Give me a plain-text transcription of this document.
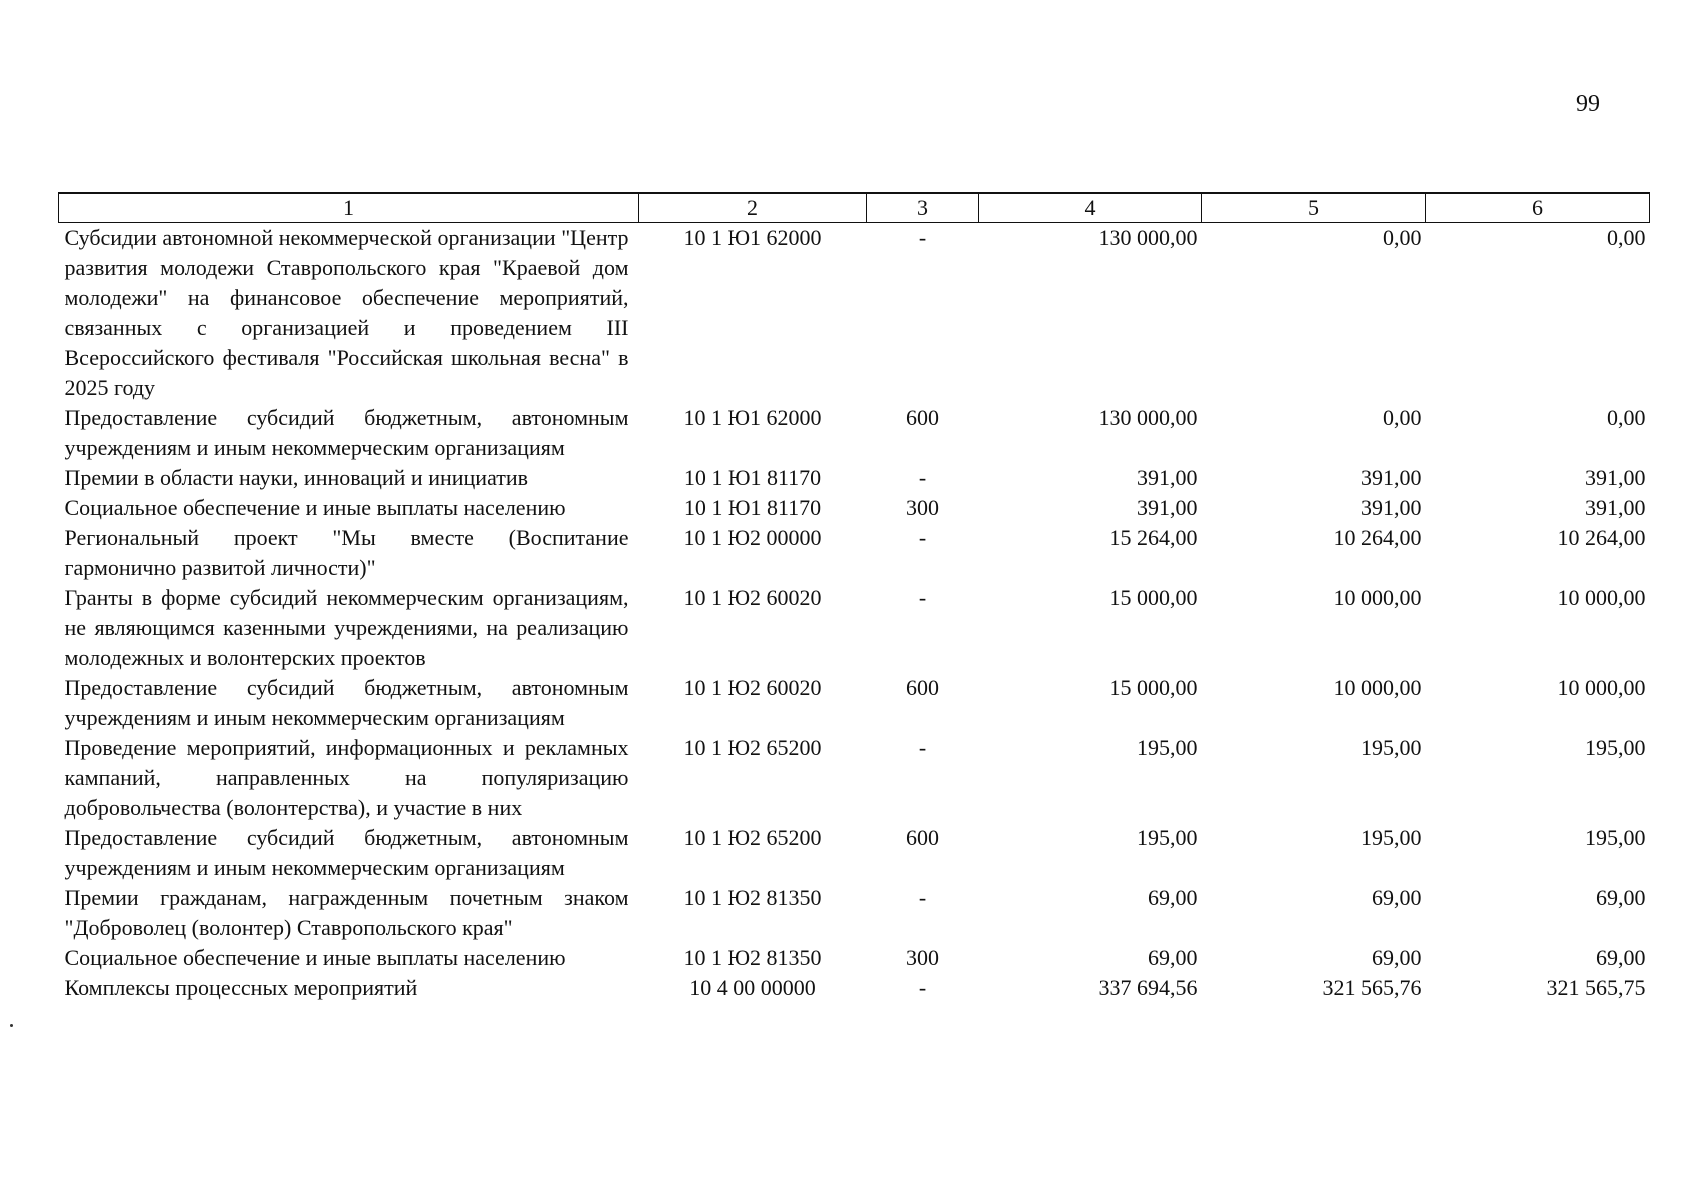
99
1	2	3	4	5	6
Субсидии автономной некоммерческой организации "Центр развития молодежи Ставропольского края "Краевой дом молодежи" на финансовое обеспечение мероприятий, связанных с организацией и проведением III Всероссийского фестиваля "Российская школьная весна" в 2025 году	10 1 Ю1 62000	-	130 000,00	0,00	0,00
Предоставление субсидий бюджетным, автономным учреждениям и иным некоммерческим организациям	10 1 Ю1 62000	600	130 000,00	0,00	0,00
Премии в области науки, инноваций и инициатив	10 1 Ю1 81170	-	391,00	391,00	391,00
Социальное обеспечение и иные выплаты населению	10 1 Ю1 81170	300	391,00	391,00	391,00
Региональный проект "Мы вместе (Воспитание гармонично развитой личности)"	10 1 Ю2 00000	-	15 264,00	10 264,00	10 264,00
Гранты в форме субсидий некоммерческим организациям, не являющимся казенными учреждениями, на реализацию молодежных и волонтерских проектов	10 1 Ю2 60020	-	15 000,00	10 000,00	10 000,00
Предоставление субсидий бюджетным, автономным учреждениям и иным некоммерческим организациям	10 1 Ю2 60020	600	15 000,00	10 000,00	10 000,00
Проведение мероприятий, информационных и рекламных кампаний, направленных на популяризацию добровольчества (волонтерства), и участие в них	10 1 Ю2 65200	-	195,00	195,00	195,00
Предоставление субсидий бюджетным, автономным учреждениям и иным некоммерческим организациям	10 1 Ю2 65200	600	195,00	195,00	195,00
Премии гражданам, награжденным почетным знаком "Доброволец (волонтер) Ставропольского края"	10 1 Ю2 81350	-	69,00	69,00	69,00
Социальное обеспечение и иные выплаты населению	10 1 Ю2 81350	300	69,00	69,00	69,00
Комплексы процессных мероприятий	10 4 00 00000	-	337 694,56	321 565,76	321 565,75
